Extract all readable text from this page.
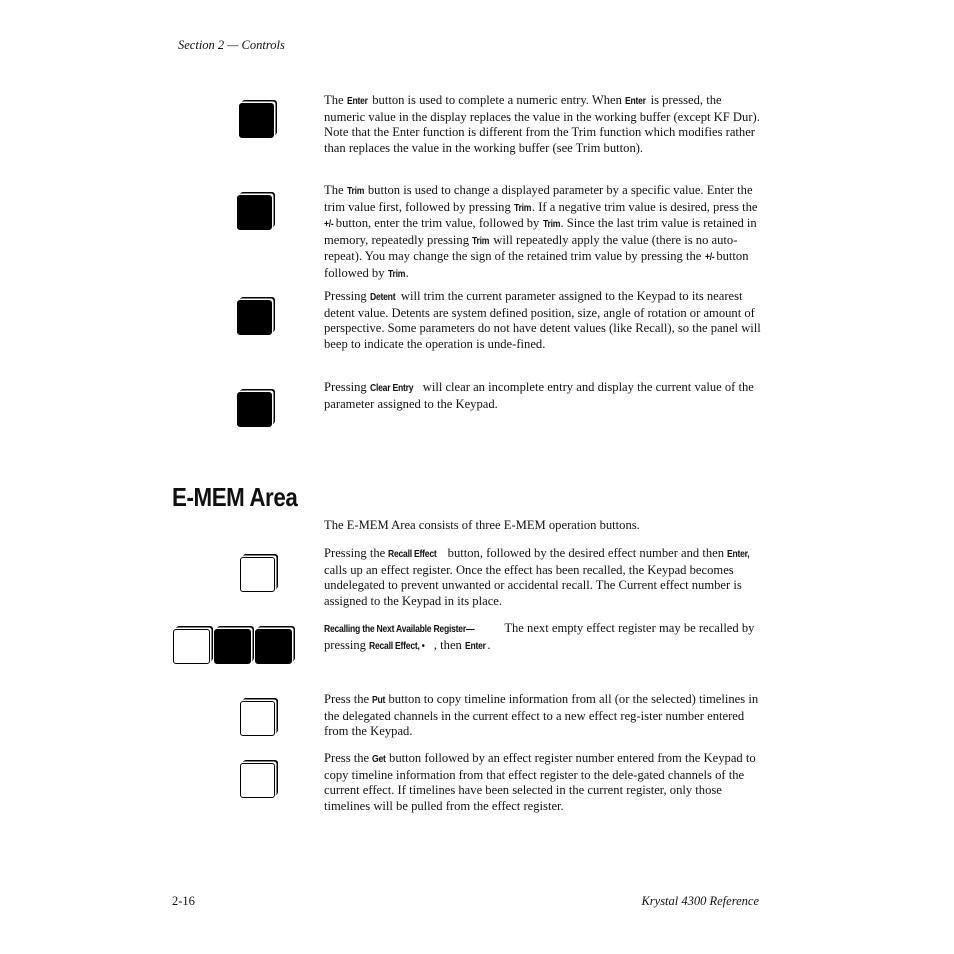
Section 2 — Controls

The Enter button is used to complete a numeric entry. When Enter is pressed, the numeric value in the display replaces the value in the working buffer (except KF Dur). Note that the Enter function is different from the Trim function which modifies rather than replaces the value in the working buffer (see Trim button).

The Trim button is used to change a displayed parameter by a specific value. Enter the trim value first, followed by pressing Trim. If a negative trim value is desired, press the +/- button, enter the trim value, followed by Trim. Since the last trim value is retained in memory, repeatedly pressing Trim will repeatedly apply the value (there is no auto-repeat). You may change the sign of the retained trim value by pressing the +/- button followed by Trim.

Pressing Detent will trim the current parameter assigned to the Keypad to its nearest detent value. Detents are system defined position, size, angle of rotation or amount of perspective. Some parameters do not have detent values (like Recall), so the panel will beep to indicate the operation is unde-fined.

Pressing Clear Entry will clear an incomplete entry and display the current value of the parameter assigned to the Keypad.

E-MEM Area

The E-MEM Area consists of three E-MEM operation buttons.

Pressing the Recall Effect button, followed by the desired effect number and then Enter, calls up an effect register. Once the effect has been recalled, the Keypad becomes undelegated to prevent unwanted or accidental recall. The Current effect number is assigned to the Keypad in its place.

Recalling the Next Available Register— The next empty effect register may be recalled by pressing Recall Effect, • , then Enter .

Press the Put button to copy timeline information from all (or the selected) timelines in the delegated channels in the current effect to a new effect reg-ister number entered from the Keypad.

Press the Get button followed by an effect register number entered from the Keypad to copy timeline information from that effect register to the dele-gated channels of the current effect. If timelines have been selected in the current register, only those timelines will be pulled from the effect register.

2-16	Krystal 4300 Reference
